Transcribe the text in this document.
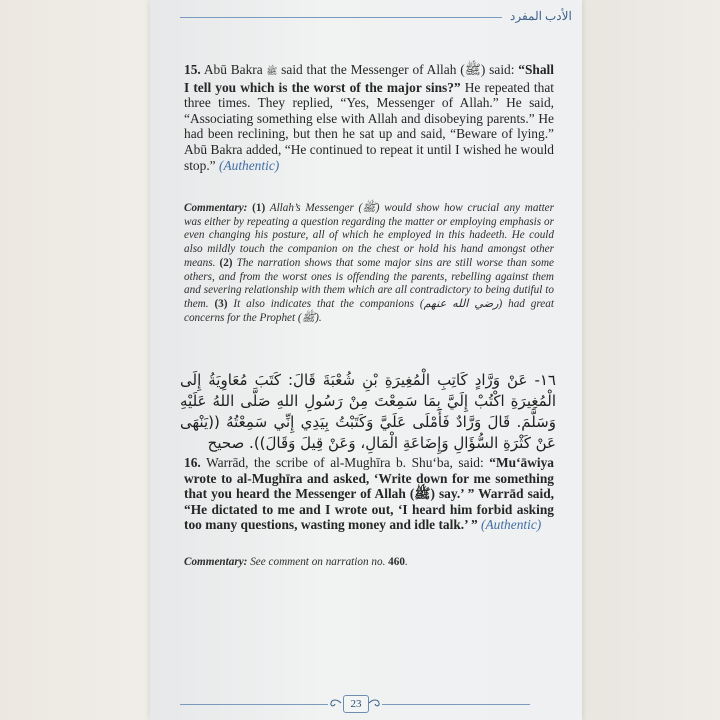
الأدب المفرد
15. Abū Bakra ﷺ said that the Messenger of Allah (ﷺ) said: “Shall I tell you which is the worst of the major sins?” He repeated that three times. They replied, “Yes, Messenger of Allah.” He said, “Associating something else with Allah and disobeying parents.” He had been reclining, but then he sat up and said, “Beware of lying.” Abū Bakra added, “He continued to repeat it until I wished he would stop.” (Authentic)
Commentary: (1) Allah’s Messenger (ﷺ) would show how crucial any matter was either by repeating a question regarding the matter or employing emphasis or even changing his posture, all of which he employed in this hadeeth. He could also mildly touch the companion on the chest or hold his hand amongst other means. (2) The narration shows that some major sins are still worse than some others, and from the worst ones is offending the parents, rebelling against them and severing relationship with them which are all contradictory to being dutiful to them. (3) It also indicates that the companions (رضي الله عنهم) had great concerns for the Prophet (ﷺ).
١٦- عَنْ وَرَّادٍ كَاتِبِ الْمُغِيرَةِ بْنِ شُعْبَةَ قَالَ: كَتَبَ مُعَاوِيَةُ إِلَى الْمُغِيرَةِ اكْتُبْ إِلَيَّ بِمَا سَمِعْتَ مِنْ رَسُولِ اللهِ صَلَّى اللهُ عَلَيْهِ وَسَلَّمَ. قَالَ وَرَّادٌ فَأَمْلَى عَلَيَّ وَكَتَبْتُ بِيَدِي إِنِّي سَمِعْتُهُ ((يَنْهَى عَنْ كَثْرَةِ السُّؤَالِ وَإِضَاعَةِ الْمَالِ، وَعَنْ قِيلَ وَقَالَ)). صحيح
16. Warrād, the scribe of al-Mughīra b. Shu‘ba, said: “Mu‘āwiya wrote to al-Mughīra and asked, ‘Write down for me something that you heard the Messenger of Allah (ﷺ) say.’ ” Warrād said, “He dictated to me and I wrote out, ‘I heard him forbid asking too many questions, wasting money and idle talk.’ ” (Authentic)
Commentary: See comment on narration no. 460.
23
